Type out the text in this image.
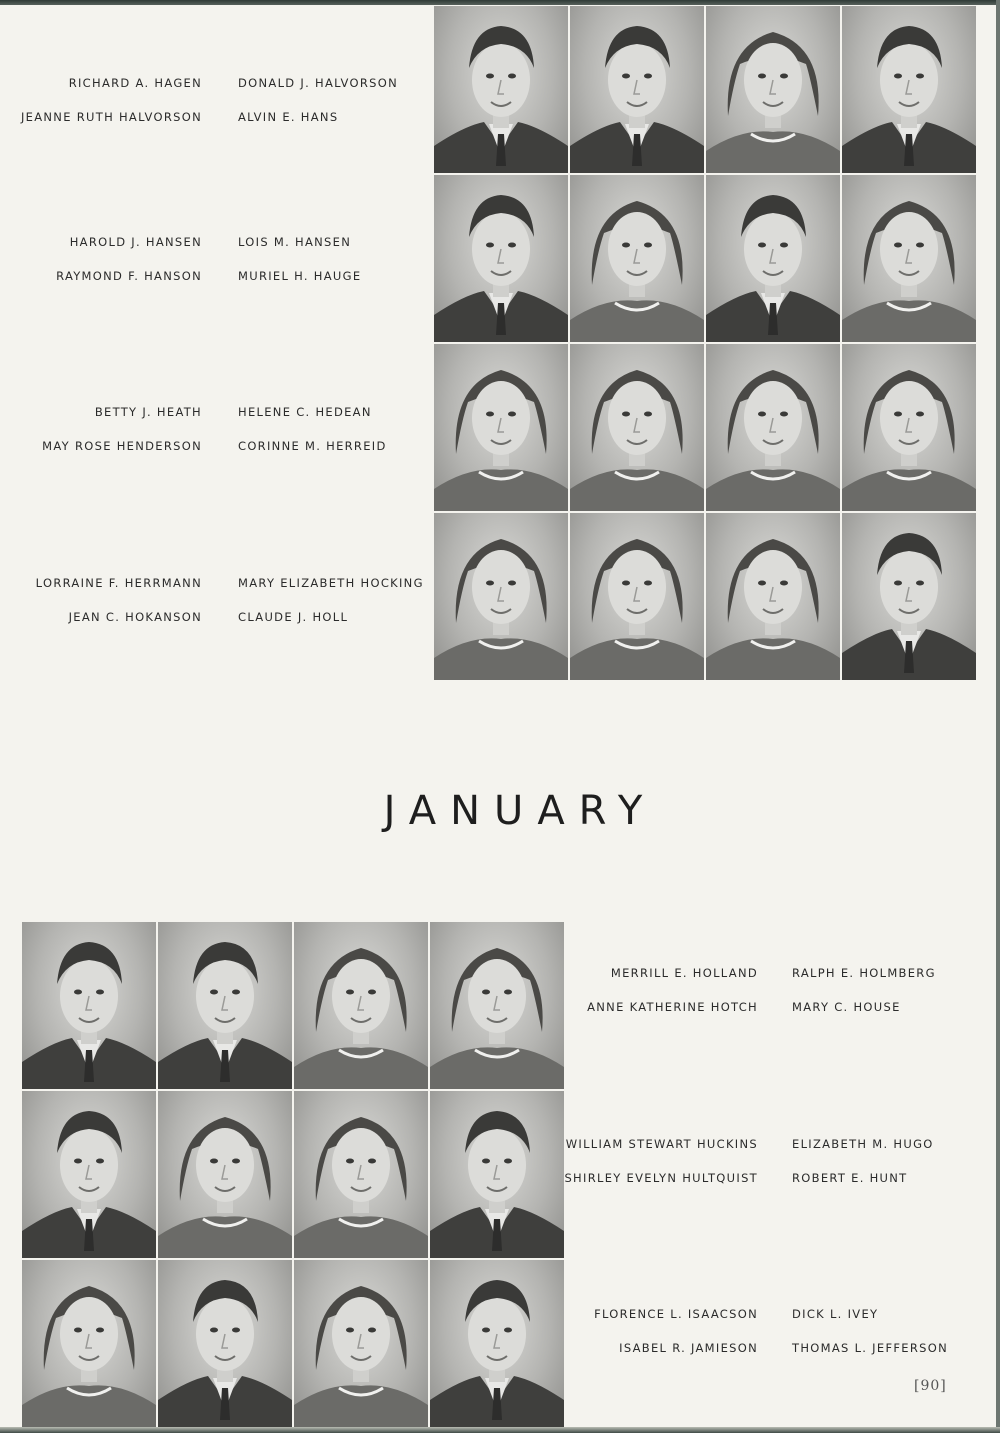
RICHARD A. HAGEN
JEANNE RUTH HALVORSON
DONALD J. HALVORSON
ALVIN E. HANS
HAROLD J. HANSEN
RAYMOND F. HANSON
LOIS M. HANSEN
MURIEL H. HAUGE
BETTY J. HEATH
MAY ROSE HENDERSON
HELENE C. HEDEAN
CORINNE M. HERREID
LORRAINE F. HERRMANN
JEAN C. HOKANSON
MARY ELIZABETH HOCKING
CLAUDE J. HOLL
JANUARY
MERRILL E. HOLLAND
ANNE KATHERINE HOTCH
RALPH E. HOLMBERG
MARY C. HOUSE
WILLIAM STEWART HUCKINS
SHIRLEY EVELYN HULTQUIST
ELIZABETH M. HUGO
ROBERT E. HUNT
FLORENCE L. ISAACSON
ISABEL R. JAMIESON
DICK L. IVEY
THOMAS L. JEFFERSON
[90]
